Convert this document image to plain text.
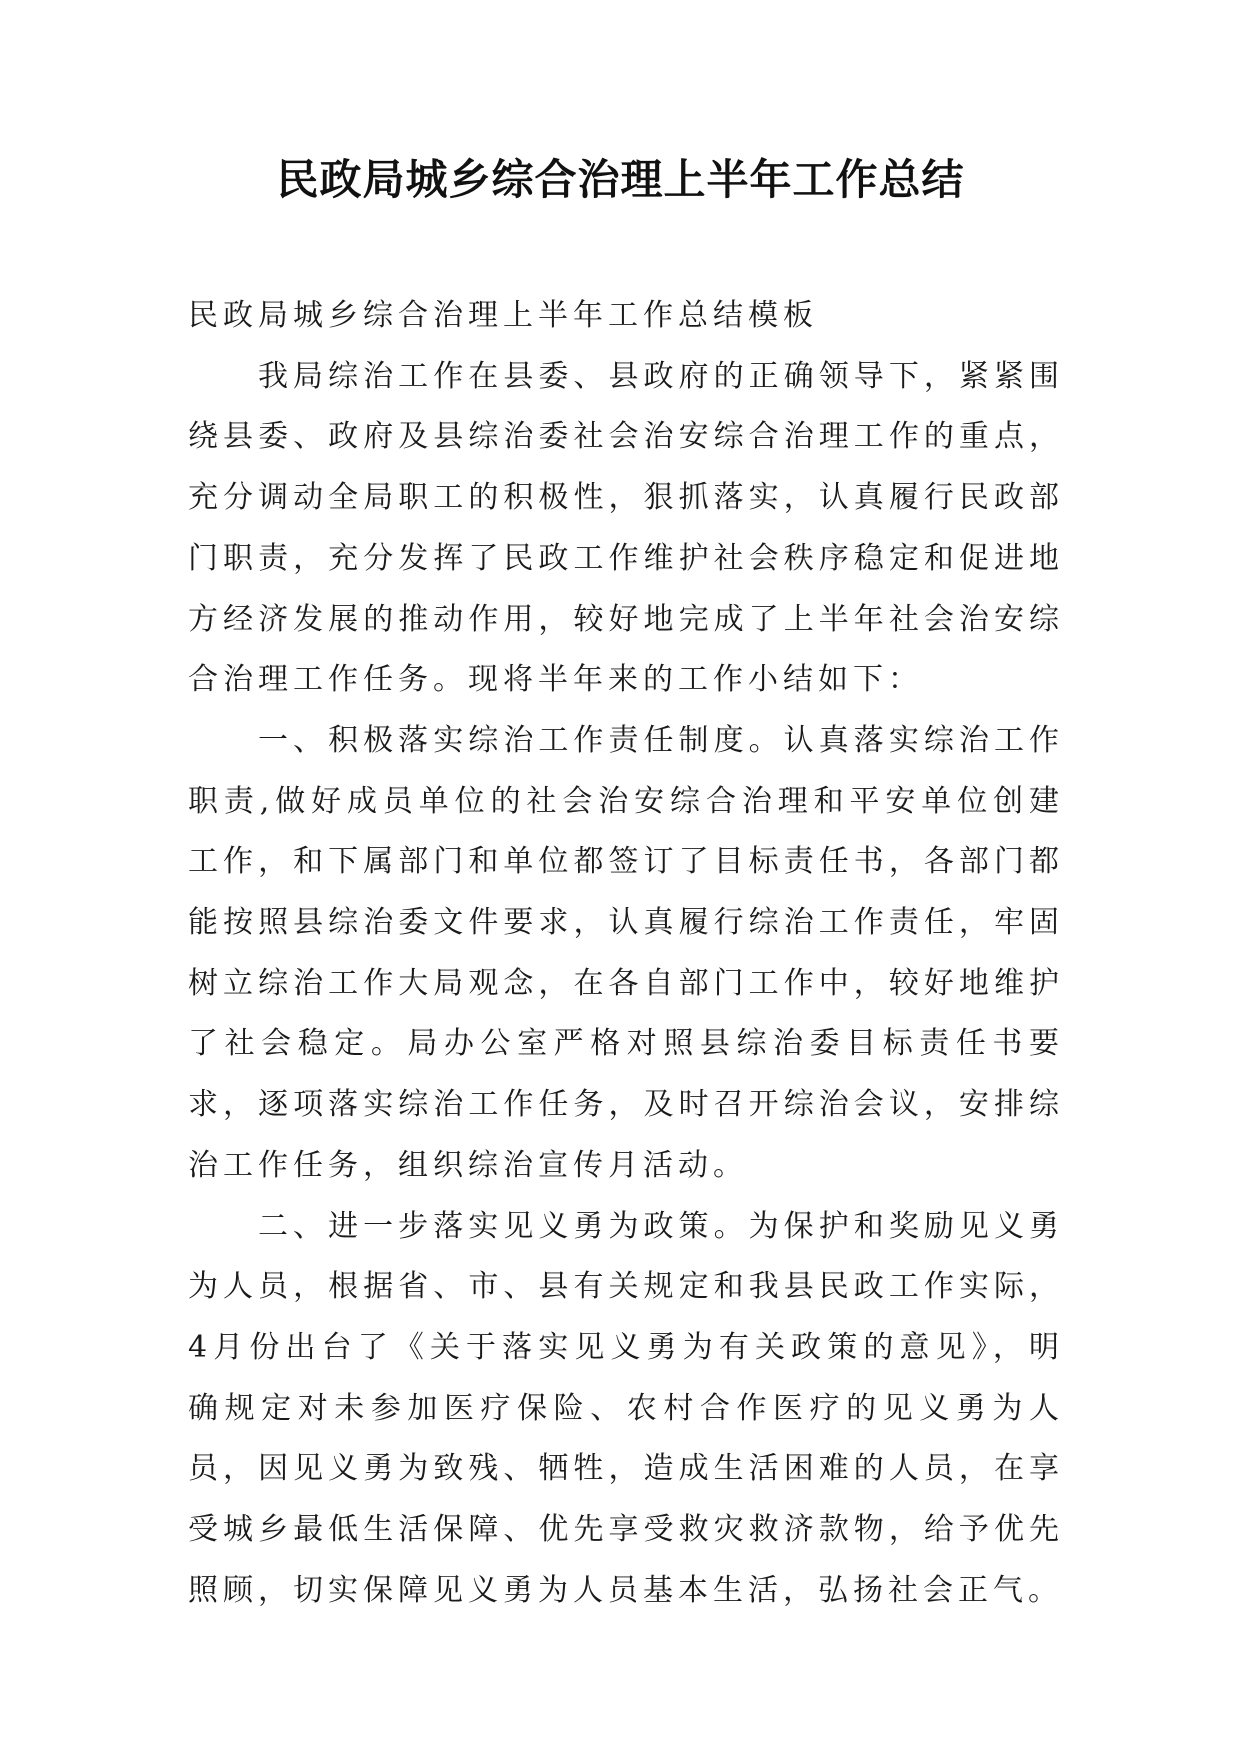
民政局城乡综合治理上半年工作总结

民政局城乡综合治理上半年工作总结模板

我局综治工作在县委、县政府的正确领导下，紧紧围绕县委、政府及县综治委社会治安综合治理工作的重点，充分调动全局职工的积极性，狠抓落实，认真履行民政部门职责，充分发挥了民政工作维护社会秩序稳定和促进地方经济发展的推动作用，较好地完成了上半年社会治安综合治理工作任务。现将半年来的工作小结如下：

一、积极落实综治工作责任制度。认真落实综治工作职责,做好成员单位的社会治安综合治理和平安单位创建工作，和下属部门和单位都签订了目标责任书，各部门都能按照县综治委文件要求，认真履行综治工作责任，牢固树立综治工作大局观念，在各自部门工作中，较好地维护了社会稳定。局办公室严格对照县综治委目标责任书要求，逐项落实综治工作任务，及时召开综治会议，安排综治工作任务，组织综治宣传月活动。

二、进一步落实见义勇为政策。为保护和奖励见义勇为人员，根据省、市、县有关规定和我县民政工作实际，4月份出台了《关于落实见义勇为有关政策的意见》，明确规定对未参加医疗保险、农村合作医疗的见义勇为人员，因见义勇为致残、牺牲，造成生活困难的人员，在享受城乡最低生活保障、优先享受救灾救济款物，给予优先照顾，切实保障见义勇为人员基本生活，弘扬社会正气。
